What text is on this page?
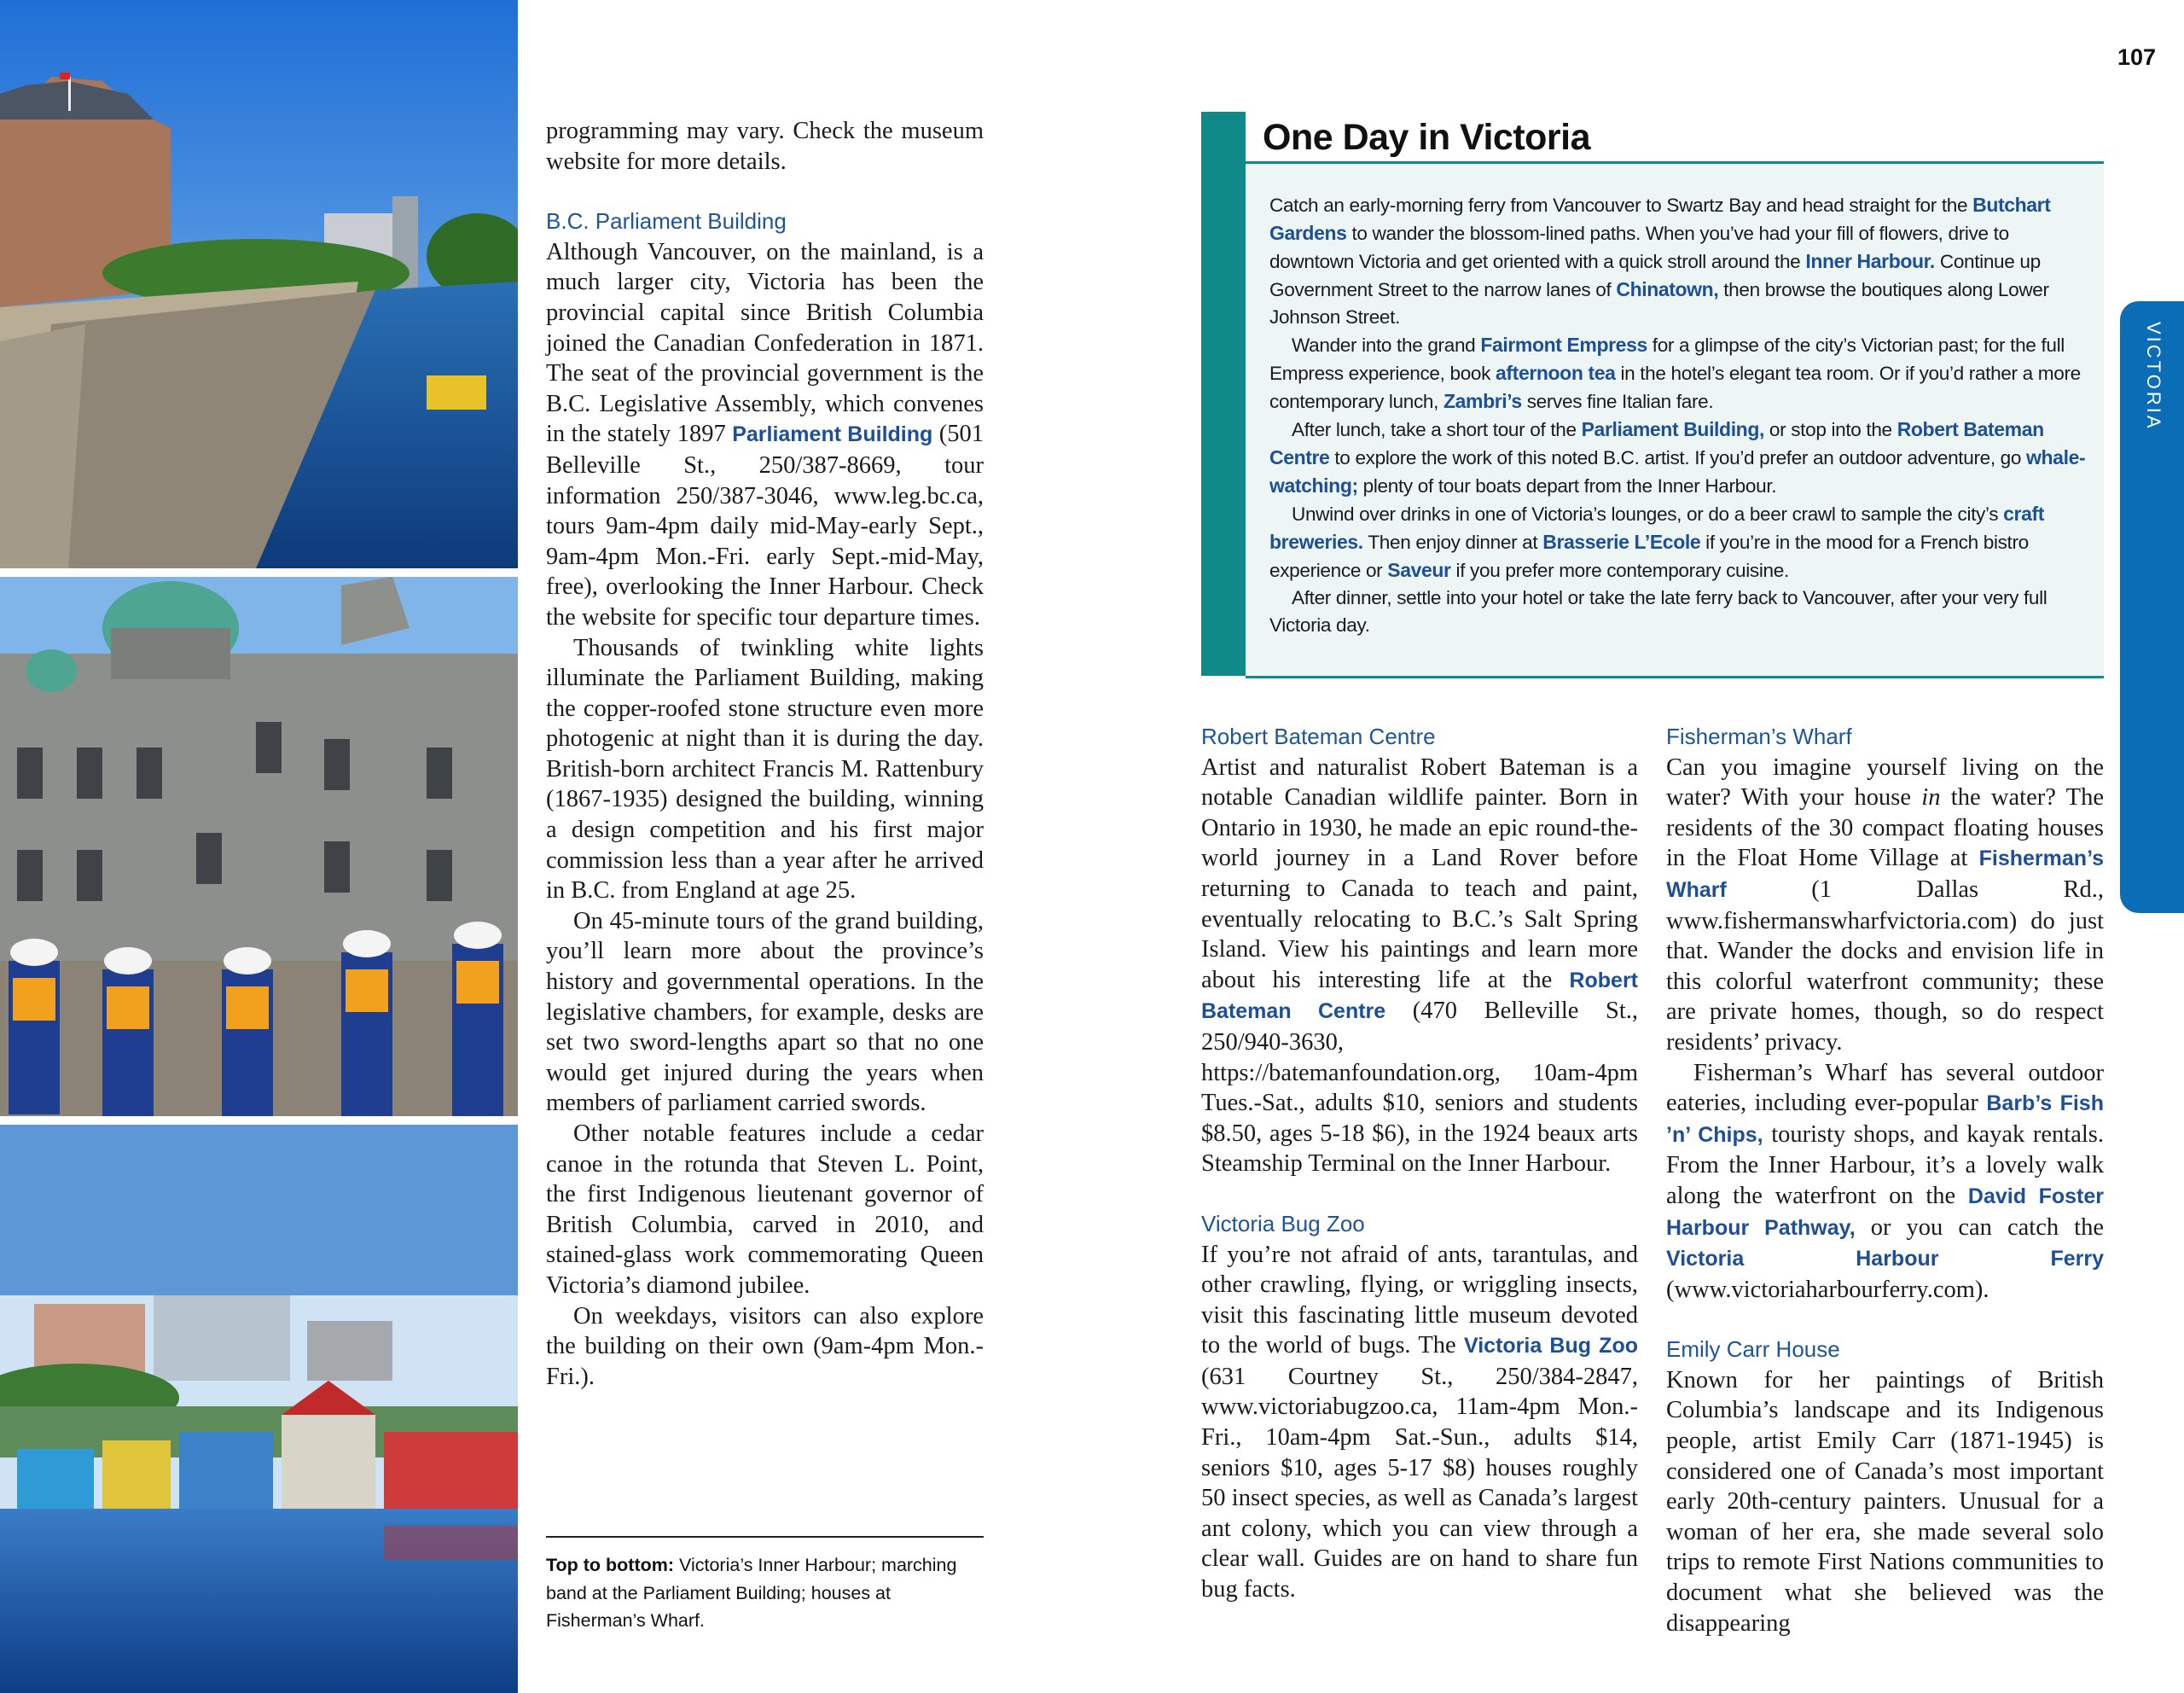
programming may vary. Check the museum website for more details.

B.C. Parliament Building

Although Vancouver, on the mainland, is a much larger city, Victoria has been the provincial capital since British Columbia joined the Canadian Confederation in 1871. The seat of the provincial government is the B.C. Legislative Assembly, which convenes in the stately 1897 Parliament Building (501 Belleville St., 250/387-8669, tour information 250/387-3046, www.leg.bc.ca, tours 9am-4pm daily mid-May-early Sept., 9am-4pm Mon.-Fri. early Sept.-mid-May, free), overlooking the Inner Harbour. Check the website for specific tour departure times.

Thousands of twinkling white lights illuminate the Parliament Building, making the copper-roofed stone structure even more photogenic at night than it is during the day. British-born architect Francis M. Rattenbury (1867-1935) designed the building, winning a design competition and his first major commission less than a year after he arrived in B.C. from England at age 25.

On 45-minute tours of the grand building, you’ll learn more about the province’s history and governmental operations. In the legislative chambers, for example, desks are set two sword-lengths apart so that no one would get injured during the years when members of parliament carried swords.

Other notable features include a cedar canoe in the rotunda that Steven L. Point, the first Indigenous lieutenant governor of British Columbia, carved in 2010, and stained-glass work commemorating Queen Victoria’s diamond jubilee.

On weekdays, visitors can also explore the building on their own (9am-4pm Mon.-Fri.).

Top to bottom: Victoria’s Inner Harbour; marching band at the Parliament Building; houses at Fisherman’s Wharf.
107
One Day in Victoria

Catch an early-morning ferry from Vancouver to Swartz Bay and head straight for the Butchart Gardens to wander the blossom-lined paths. When you’ve had your fill of flowers, drive to downtown Victoria and get oriented with a quick stroll around the Inner Harbour. Continue up Government Street to the narrow lanes of Chinatown, then browse the boutiques along Lower Johnson Street.

Wander into the grand Fairmont Empress for a glimpse of the city’s Victorian past; for the full Empress experience, book afternoon tea in the hotel’s elegant tea room. Or if you’d rather a more contemporary lunch, Zambri’s serves fine Italian fare.

After lunch, take a short tour of the Parliament Building, or stop into the Robert Bateman Centre to explore the work of this noted B.C. artist. If you’d prefer an outdoor adventure, go whale-watching; plenty of tour boats depart from the Inner Harbour.

Unwind over drinks in one of Victoria’s lounges, or do a beer crawl to sample the city’s craft breweries. Then enjoy dinner at Brasserie L’Ecole if you’re in the mood for a French bistro experience or Saveur if you prefer more contemporary cuisine.

After dinner, settle into your hotel or take the late ferry back to Vancouver, after your very full Victoria day.

VICTORIA
Robert Bateman Centre

Artist and naturalist Robert Bateman is a notable Canadian wildlife painter. Born in Ontario in 1930, he made an epic round-the-world journey in a Land Rover before returning to Canada to teach and paint, eventually relocating to B.C.’s Salt Spring Island. View his paintings and learn more about his interesting life at the Robert Bateman Centre (470 Belleville St., 250/940-3630, https://batemanfoundation.org, 10am-4pm Tues.-Sat., adults $10, seniors and students $8.50, ages 5-18 $6), in the 1924 beaux arts Steamship Terminal on the Inner Harbour.

Victoria Bug Zoo

If you’re not afraid of ants, tarantulas, and other crawling, flying, or wriggling insects, visit this fascinating little museum devoted to the world of bugs. The Victoria Bug Zoo (631 Courtney St., 250/384-2847, www.victoriabugzoo.ca, 11am-4pm Mon.-Fri., 10am-4pm Sat.-Sun., adults $14, seniors $10, ages 5-17 $8) houses roughly 50 insect species, as well as Canada’s largest ant colony, which you can view through a clear wall. Guides are on hand to share fun bug facts.

Fisherman’s Wharf

Can you imagine yourself living on the water? With your house in the water? The residents of the 30 compact floating houses in the Float Home Village at Fisherman’s Wharf (1 Dallas Rd., www.fishermanswharfvictoria.com) do just that. Wander the docks and envision life in this colorful waterfront community; these are private homes, though, so do respect residents’ privacy.

Fisherman’s Wharf has several outdoor eateries, including ever-popular Barb’s Fish ’n’ Chips, touristy shops, and kayak rentals. From the Inner Harbour, it’s a lovely walk along the waterfront on the David Foster Harbour Pathway, or you can catch the Victoria Harbour Ferry (www.victoriaharbourferry.com).

Emily Carr House

Known for her paintings of British Columbia’s landscape and its Indigenous people, artist Emily Carr (1871-1945) is considered one of Canada’s most important early 20th-century painters. Unusual for a woman of her era, she made several solo trips to remote First Nations communities to document what she believed was the disappearing
